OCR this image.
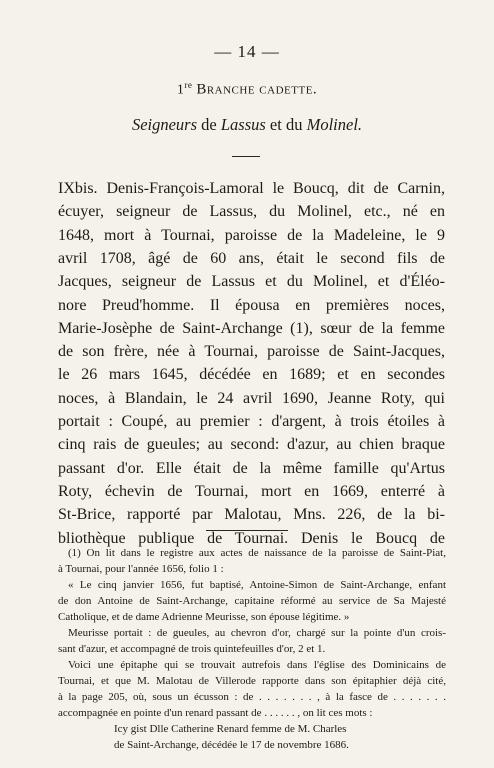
— 14 —
1re Branche cadette.
Seigneurs de Lassus et du Molinel.
IXbis. Denis-François-Lamoral le Boucq, dit de Carnin,
écuyer, seigneur de Lassus, du Molinel, etc., né en
1648, mort à Tournai, paroisse de la Madeleine, le 9
avril 1708, âgé de 60 ans, était le second fils de
Jacques, seigneur de Lassus et du Molinel, et d'Éléo-
nore Preud'homme. Il épousa en premières noces,
Marie-Josèphe de Saint-Archange (1), sœur de la femme
de son frère, née à Tournai, paroisse de Saint-Jacques,
le 26 mars 1645, décédée en 1689; et en secondes
noces, à Blandain, le 24 avril 1690, Jeanne Roty, qui
portait : Coupé, au premier : d'argent, à trois étoiles à
cinq rais de gueules; au second: d'azur, au chien braque
passant d'or. Elle était de la même famille qu'Artus
Roty, échevin de Tournai, mort en 1669, enterré à
St-Brice, rapporté par Malotau, Mns. 226, de la bi-
bliothèque publique de Tournai. Denis le Boucq de
(1) On lit dans le registre aux actes de naissance de la paroisse de Saint-Piat,
à Tournai, pour l'année 1656, folio 1 :
« Le cinq janvier 1656, fut baptisé, Antoine-Simon de Saint-Archange, enfant
de don Antoine de Saint-Archange, capitaine réformé au service de Sa Majesté
Catholique, et de dame Adrienne Meurisse, son épouse légitime. »
Meurisse portait : de gueules, au chevron d'or, chargé sur la pointe d'un crois-
sant d'azur, et accompagné de trois quintefeuilles d'or, 2 et 1.
Voici une épitaphe qui se trouvait autrefois dans l'église des Dominicains de
Tournai, et que M. Malotau de Villerode rapporte dans son épitaphier déjà cité,
à la page 205, où, sous un écusson : de . . . . . . . , à la fasce de . . . . . . .
accompagnée en pointe d'un renard passant de . . . . . . , on lit ces mots :
Icy gist Dlle Catherine Renard femme de M. Charles
de Saint-Archange, décédée le 17 de novembre 1686.
